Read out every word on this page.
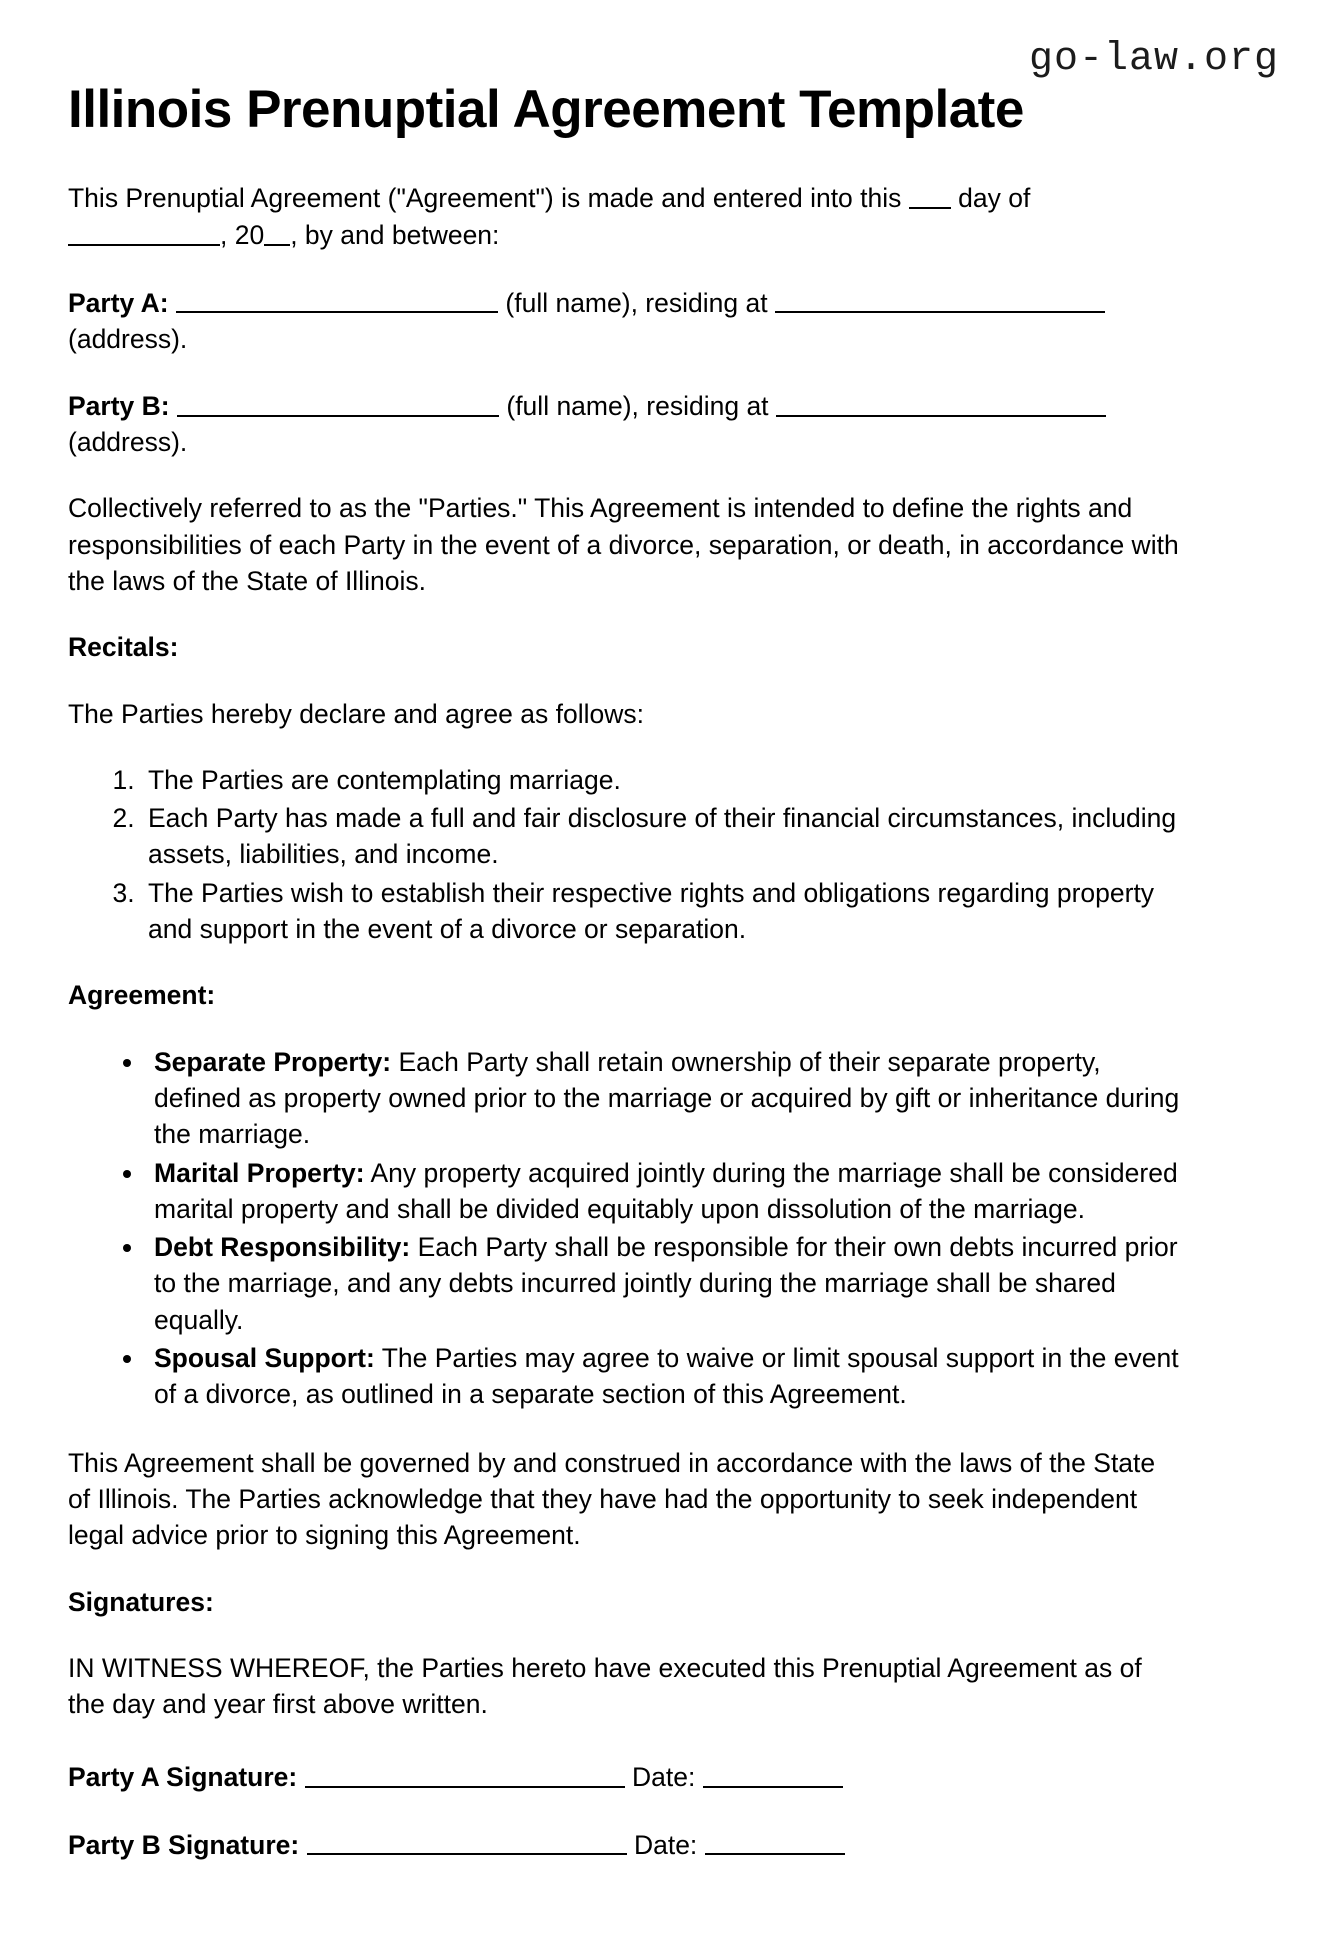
go-law.org
Illinois Prenuptial Agreement Template

This Prenuptial Agreement ("Agreement") is made and entered into this day of , 20 , by and between:

Party A:	(full name), residing at  (address).
Party B:	(full name), residing at  (address).

Collectively referred to as the "Parties." This Agreement is intended to define the rights and responsibilities of each Party in the event of a divorce, separation, or death, in accordance with the laws of the State of Illinois.

Recitals:

The Parties hereby declare and agree as follows:

1. The Parties are contemplating marriage.
2. Each Party has made a full and fair disclosure of their financial circumstances, including assets, liabilities, and income.
3. The Parties wish to establish their respective rights and obligations regarding property and support in the event of a divorce or separation.
Agreement:
• Separate Property: Each Party shall retain ownership of their separate property, defined as property owned prior to the marriage or acquired by gift or inheritance during the marriage.
• Marital Property: Any property acquired jointly during the marriage shall be considered marital property and shall be divided equitably upon dissolution of the marriage.
• Debt Responsibility: Each Party shall be responsible for their own debts incurred prior to the marriage, and any debts incurred jointly during the marriage shall be shared equally.
• Spousal Support: The Parties may agree to waive or limit spousal support in the event of a divorce, as outlined in a separate section of this Agreement.

This Agreement shall be governed by and construed in accordance with the laws of the State of Illinois. The Parties acknowledge that they have had the opportunity to seek independent legal advice prior to signing this Agreement.

Signatures:

IN WITNESS WHEREOF, the Parties hereto have executed this Prenuptial Agreement as of the day and year first above written.

Party A Signature:	Date:
Party B Signature:	Date:
